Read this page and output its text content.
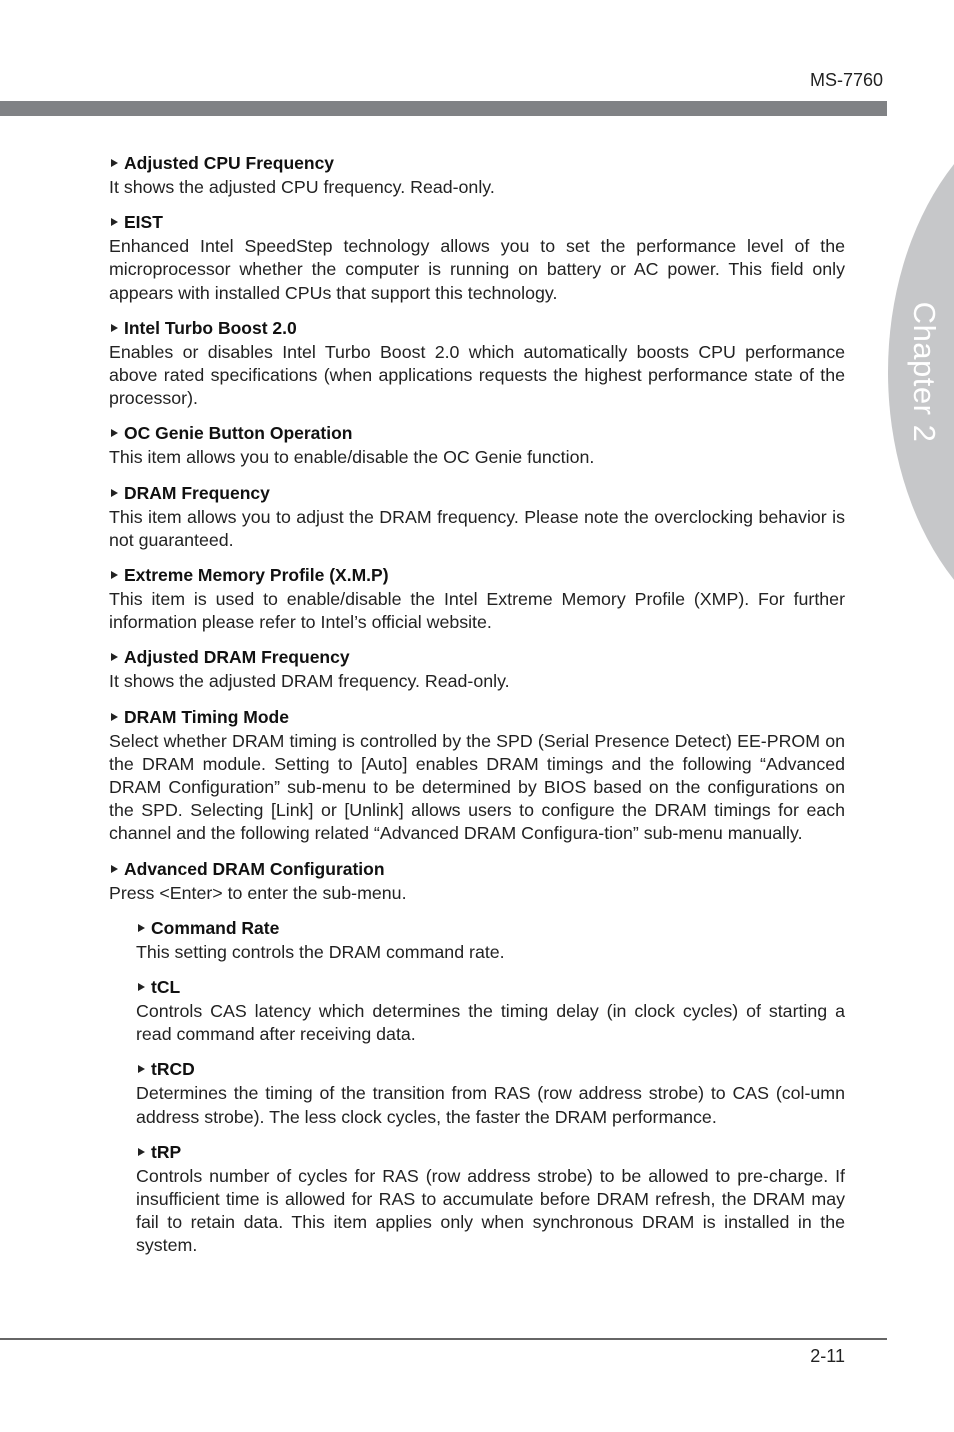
MS-7760
Chapter 2
Adjusted CPU Frequency
It shows the adjusted CPU frequency. Read-only.
EIST
Enhanced Intel SpeedStep technology allows you to set the performance level of the microprocessor whether the computer is running on battery or AC power. This field only appears with installed CPUs that support this technology.
Intel Turbo Boost 2.0
Enables or disables Intel Turbo Boost 2.0 which automatically boosts CPU performance above rated specifications (when applications requests the highest performance state of the processor).
OC Genie Button Operation
This item allows you to enable/disable the OC Genie function.
DRAM Frequency
This item allows you to adjust the DRAM frequency. Please note the overclocking behavior is not guaranteed.
Extreme Memory Profile (X.M.P)
This item is used to enable/disable the Intel Extreme Memory Profile (XMP). For further information please refer to Intel’s official website.
Adjusted DRAM Frequency
It shows the adjusted DRAM frequency. Read-only.
DRAM Timing Mode
Select whether DRAM timing is controlled by the SPD (Serial Presence Detect) EE-PROM on the DRAM module. Setting to [Auto] enables DRAM timings and the following “Advanced DRAM Configuration” sub-menu to be determined by BIOS based on the configurations on the SPD. Selecting [Link] or [Unlink] allows users to configure the DRAM timings for each channel and the following related “Advanced DRAM Configura-tion” sub-menu manually.
Advanced DRAM Configuration
Press <Enter> to enter the sub-menu.
Command Rate
This setting controls the DRAM command rate.
tCL
Controls CAS latency which determines the timing delay (in clock cycles) of starting a read command after receiving data.
tRCD
Determines the timing of the transition from RAS (row address strobe) to CAS (col-umn address strobe). The less clock cycles, the faster the DRAM performance.
tRP
Controls number of cycles for RAS (row address strobe) to be allowed to pre-charge. If insufficient time is allowed for RAS to accumulate before DRAM refresh, the DRAM may fail to retain data. This item applies only when synchronous DRAM is installed in the system.
2-11
